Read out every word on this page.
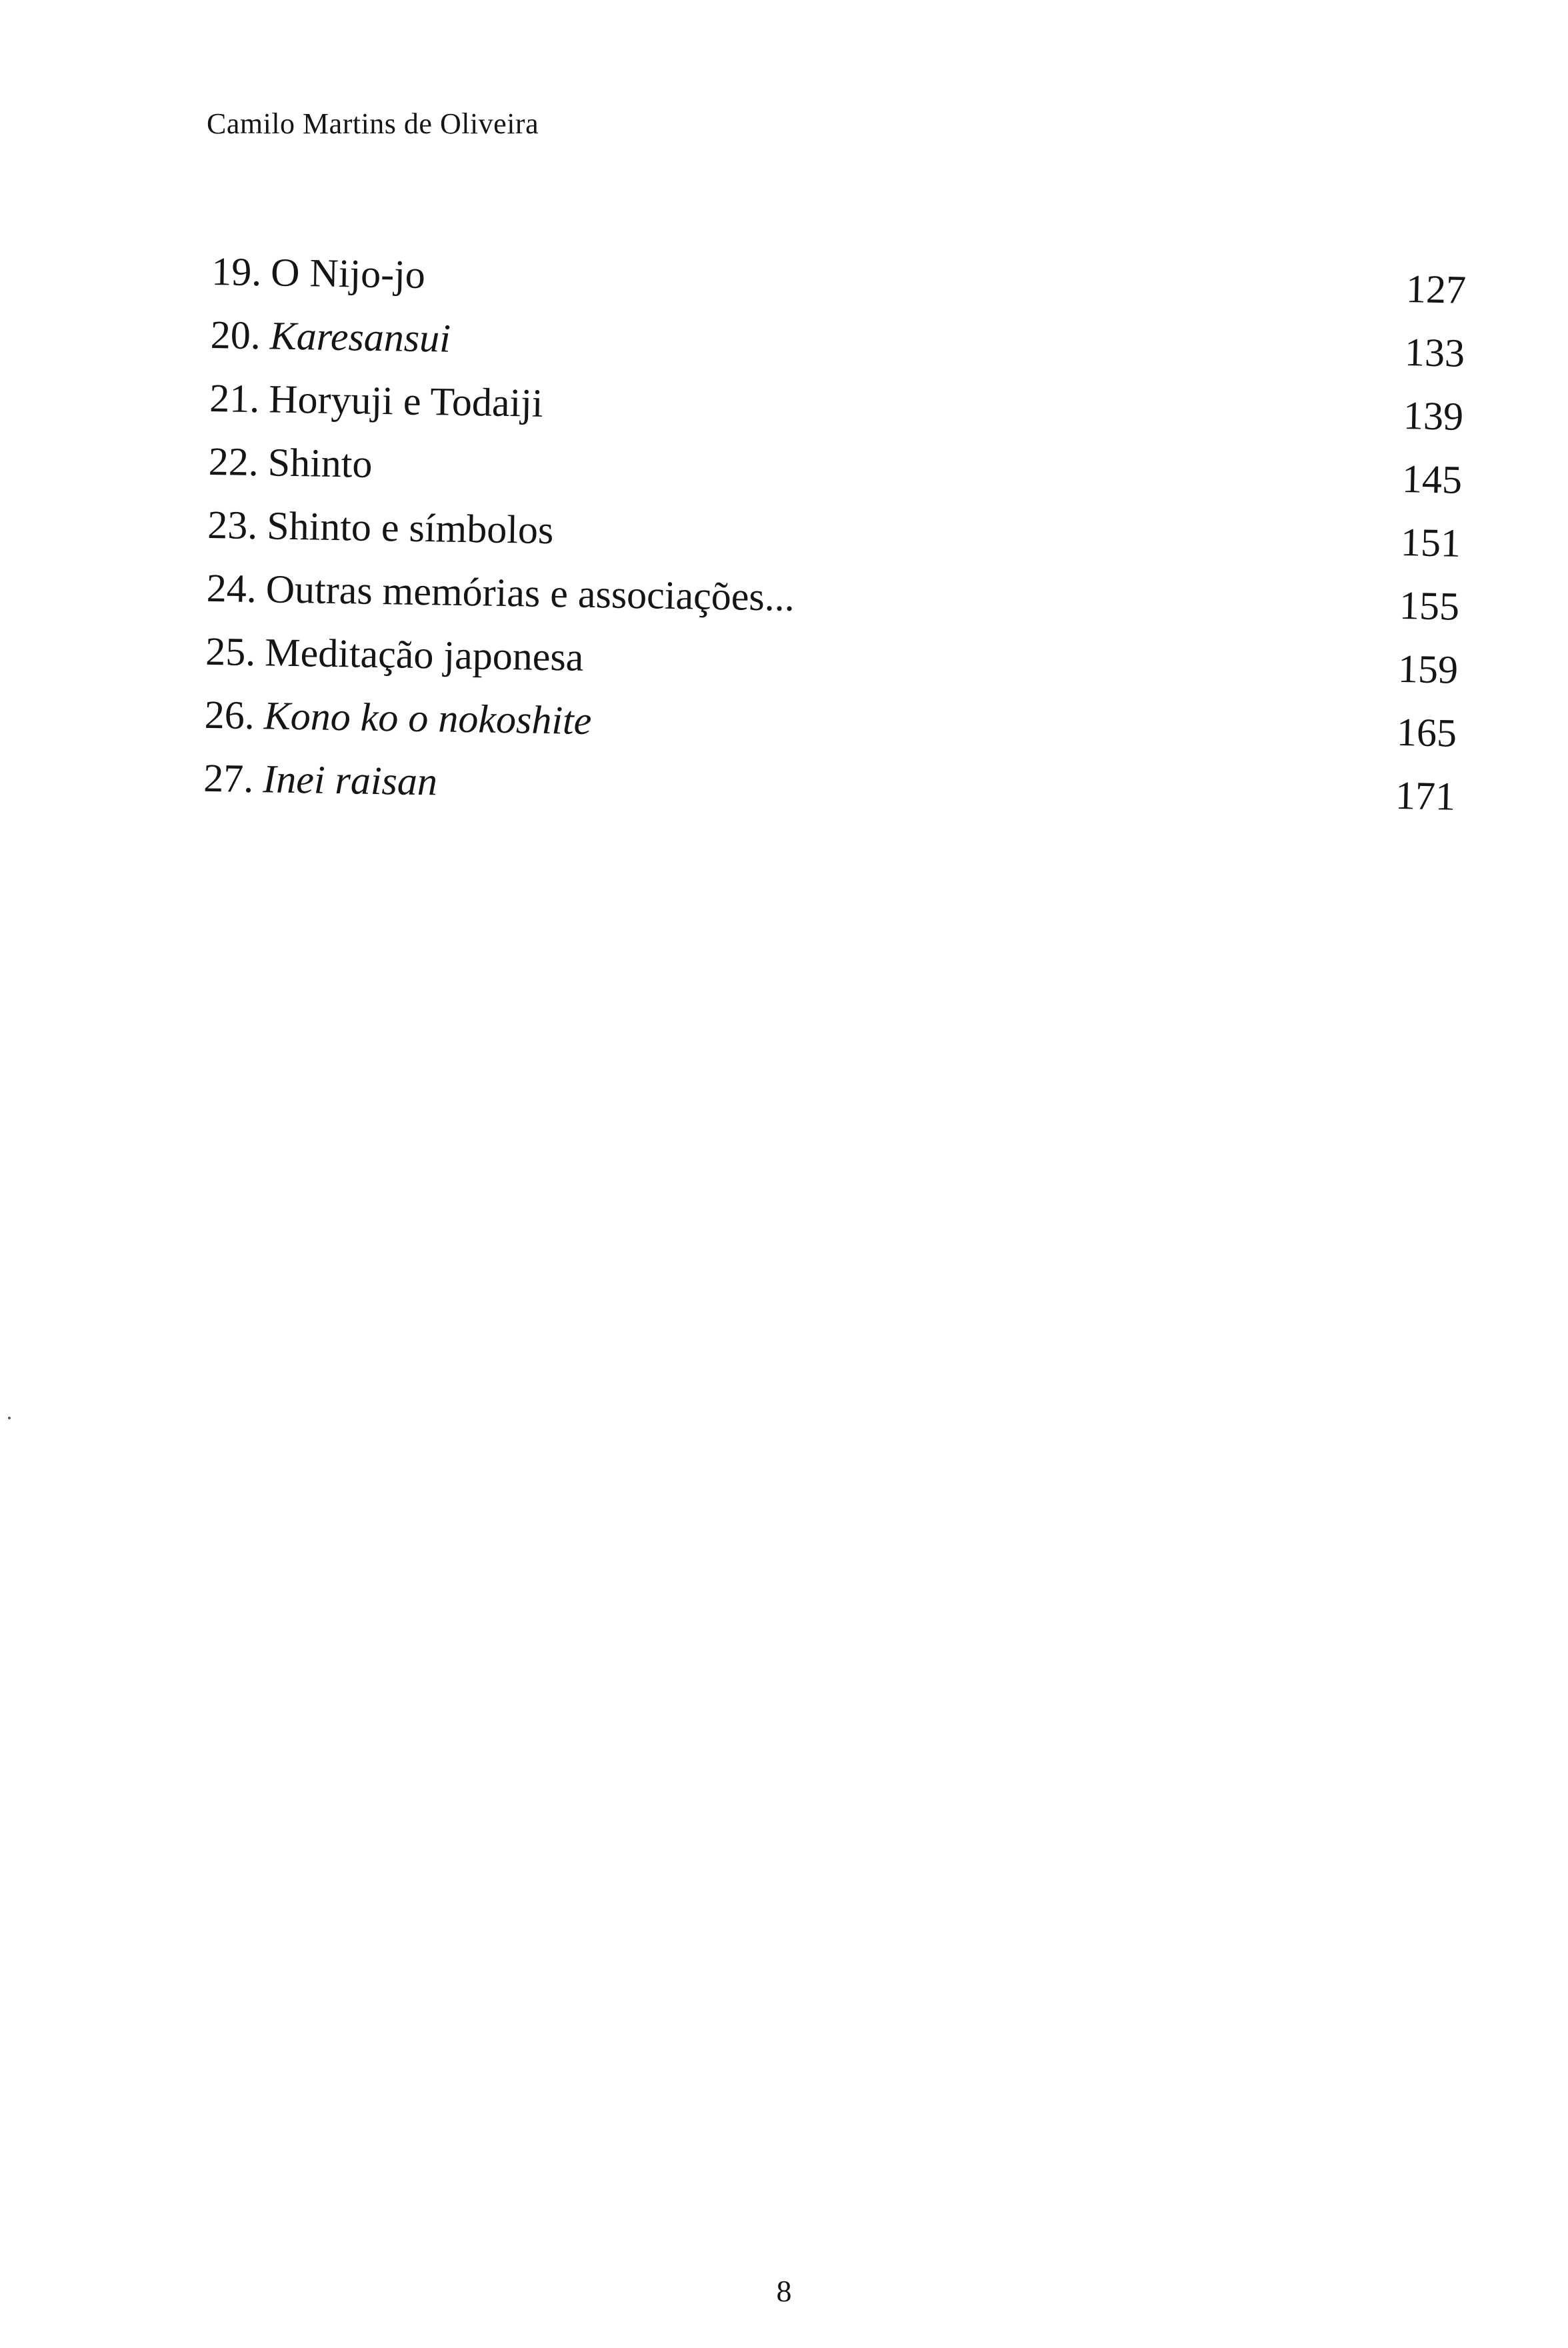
Camilo Martins de Oliveira
19. O Nijo-jo
20. Karesansui
21. Horyuji e Todaiji
22. Shinto
23. Shinto e símbolos
24. Outras memórias e associações...
25. Meditação japonesa
26. Kono ko o nokoshite
27. Inei raisan
127
133
139
145
151
155
159
165
171
8
